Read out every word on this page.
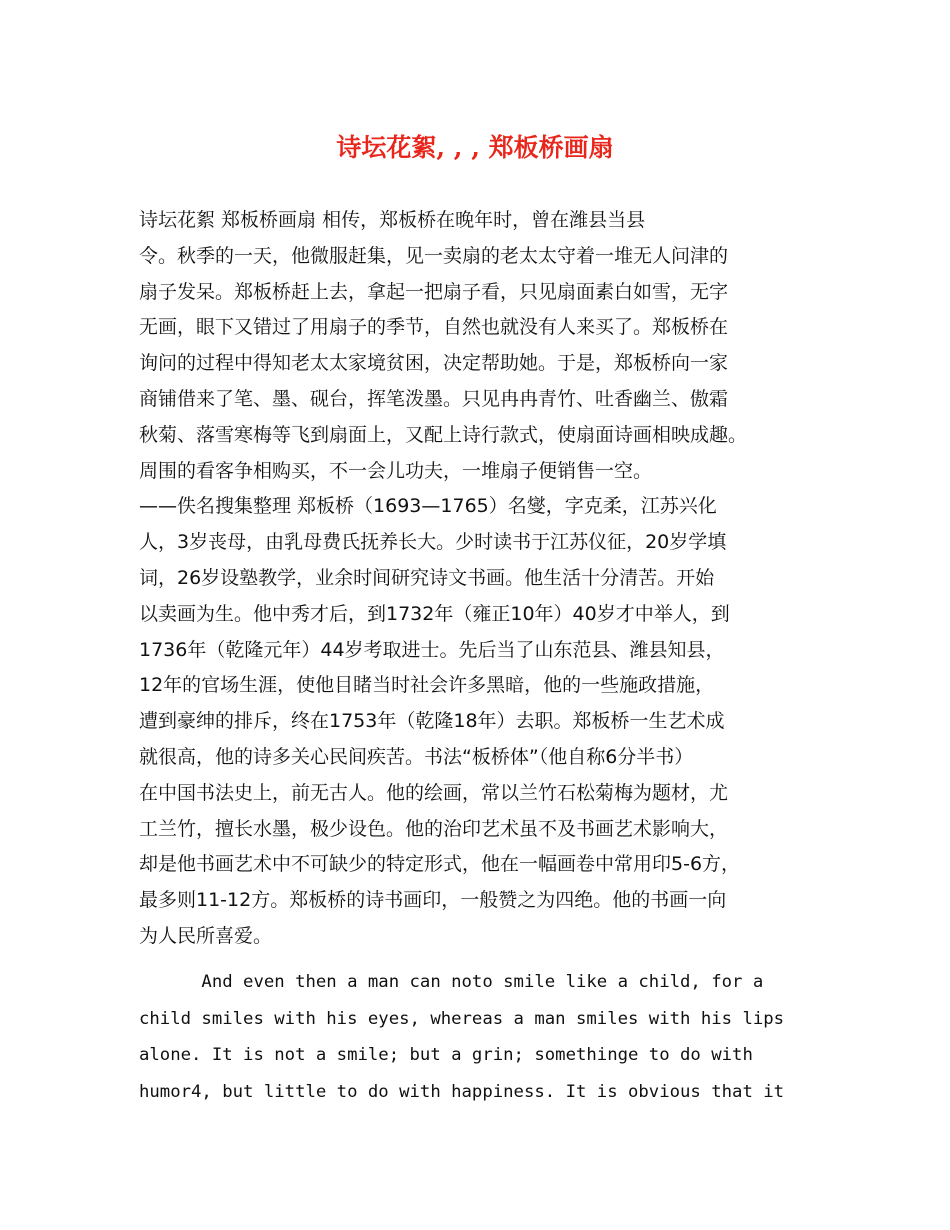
诗坛花絮, , , 郑板桥画扇
诗坛花絮 郑板桥画扇 相传，郑板桥在晚年时，曾在潍县当县
令。秋季的一天，他微服赶集，见一卖扇的老太太守着一堆无人问津的
扇子发呆。郑板桥赶上去，拿起一把扇子看，只见扇面素白如雪，无字
无画，眼下又错过了用扇子的季节，自然也就没有人来买了。郑板桥在
询问的过程中得知老太太家境贫困，决定帮助她。于是，郑板桥向一家
商铺借来了笔、墨、砚台，挥笔泼墨。只见冉冉青竹、吐香幽兰、傲霜
秋菊、落雪寒梅等飞到扇面上，又配上诗行款式，使扇面诗画相映成趣。
周围的看客争相购买，不一会儿功夫，一堆扇子便销售一空。
——佚名搜集整理 郑板桥（1693—1765）名燮，字克柔，江苏兴化
人，3岁丧母，由乳母费氏抚养长大。少时读书于江苏仪征，20岁学填
词，26岁设塾教学，业余时间研究诗文书画。他生活十分清苦。开始
以卖画为生。他中秀才后，到1732年（雍正10年）40岁才中举人，到
1736年（乾隆元年）44岁考取进士。先后当了山东范县、潍县知县，
12年的官场生涯，使他目睹当时社会许多黑暗，他的一些施政措施，
遭到豪绅的排斥，终在1753年（乾隆18年）去职。郑板桥一生艺术成
就很高，他的诗多关心民间疾苦。书法“板桥体”（他自称6分半书）
在中国书法史上，前无古人。他的绘画，常以兰竹石松菊梅为题材，尤
工兰竹，擅长水墨，极少设色。他的治印艺术虽不及书画艺术影响大，
却是他书画艺术中不可缺少的特定形式，他在一幅画卷中常用印5-6方，
最多则11-12方。郑板桥的诗书画印，一般赞之为四绝。他的书画一向
为人民所喜爱。
And even then a man can noto smile like a child, for a
child smiles with his eyes, whereas a man smiles with his lips
alone. It is not a smile; but a grin; somethinge to do with
humor4, but little to do with happiness. It is obvious that it
